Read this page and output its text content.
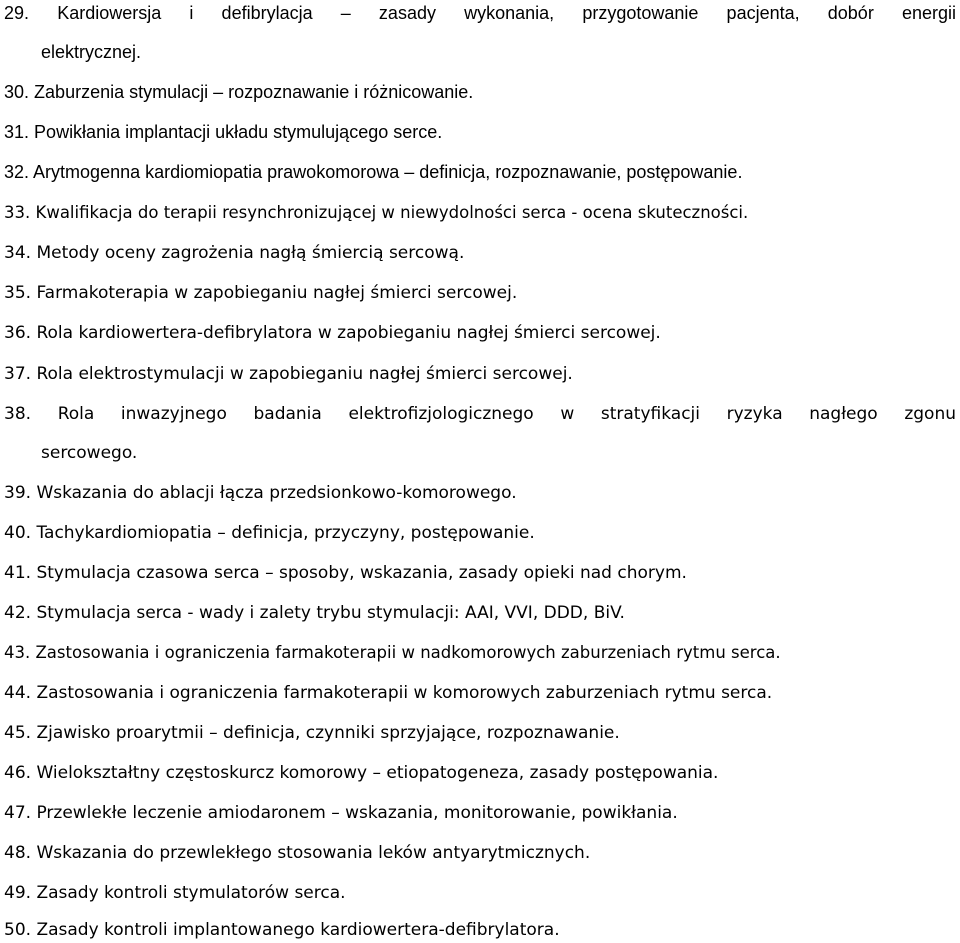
29. Kardiowersja i defibrylacja – zasady wykonania, przygotowanie pacjenta, dobór energii
elektrycznej.
30. Zaburzenia stymulacji – rozpoznawanie i różnicowanie.
31. Powikłania implantacji układu stymulującego serce.
32. Arytmogenna kardiomiopatia prawokomorowa – definicja, rozpoznawanie, postępowanie.
33. Kwalifikacja do terapii resynchronizującej w niewydolności serca - ocena skuteczności.
34. Metody oceny zagrożenia nagłą śmiercią sercową.
35. Farmakoterapia w zapobieganiu nagłej śmierci sercowej.
36. Rola kardiowertera-defibrylatora w zapobieganiu nagłej śmierci sercowej.
37. Rola elektrostymulacji w zapobieganiu nagłej śmierci sercowej.
38. Rola inwazyjnego badania elektrofizjologicznego w stratyfikacji ryzyka nagłego zgonu
sercowego.
39. Wskazania do ablacji łącza przedsionkowo-komorowego.
40. Tachykardiomiopatia – definicja, przyczyny, postępowanie.
41. Stymulacja czasowa serca – sposoby, wskazania, zasady opieki nad chorym.
42. Stymulacja serca - wady i zalety trybu stymulacji: AAI, VVI, DDD, BiV.
43. Zastosowania i ograniczenia farmakoterapii w nadkomorowych zaburzeniach rytmu serca.
44. Zastosowania i ograniczenia farmakoterapii w komorowych zaburzeniach rytmu serca.
45. Zjawisko proarytmii – definicja, czynniki sprzyjające, rozpoznawanie.
46. Wielokształtny częstoskurcz komorowy – etiopatogeneza, zasady postępowania.
47. Przewlekłe leczenie amiodaronem – wskazania, monitorowanie, powikłania.
48. Wskazania do przewlekłego stosowania leków antyarytmicznych.
49. Zasady kontroli stymulatorów serca.
50. Zasady kontroli implantowanego kardiowertera-defibrylatora.
